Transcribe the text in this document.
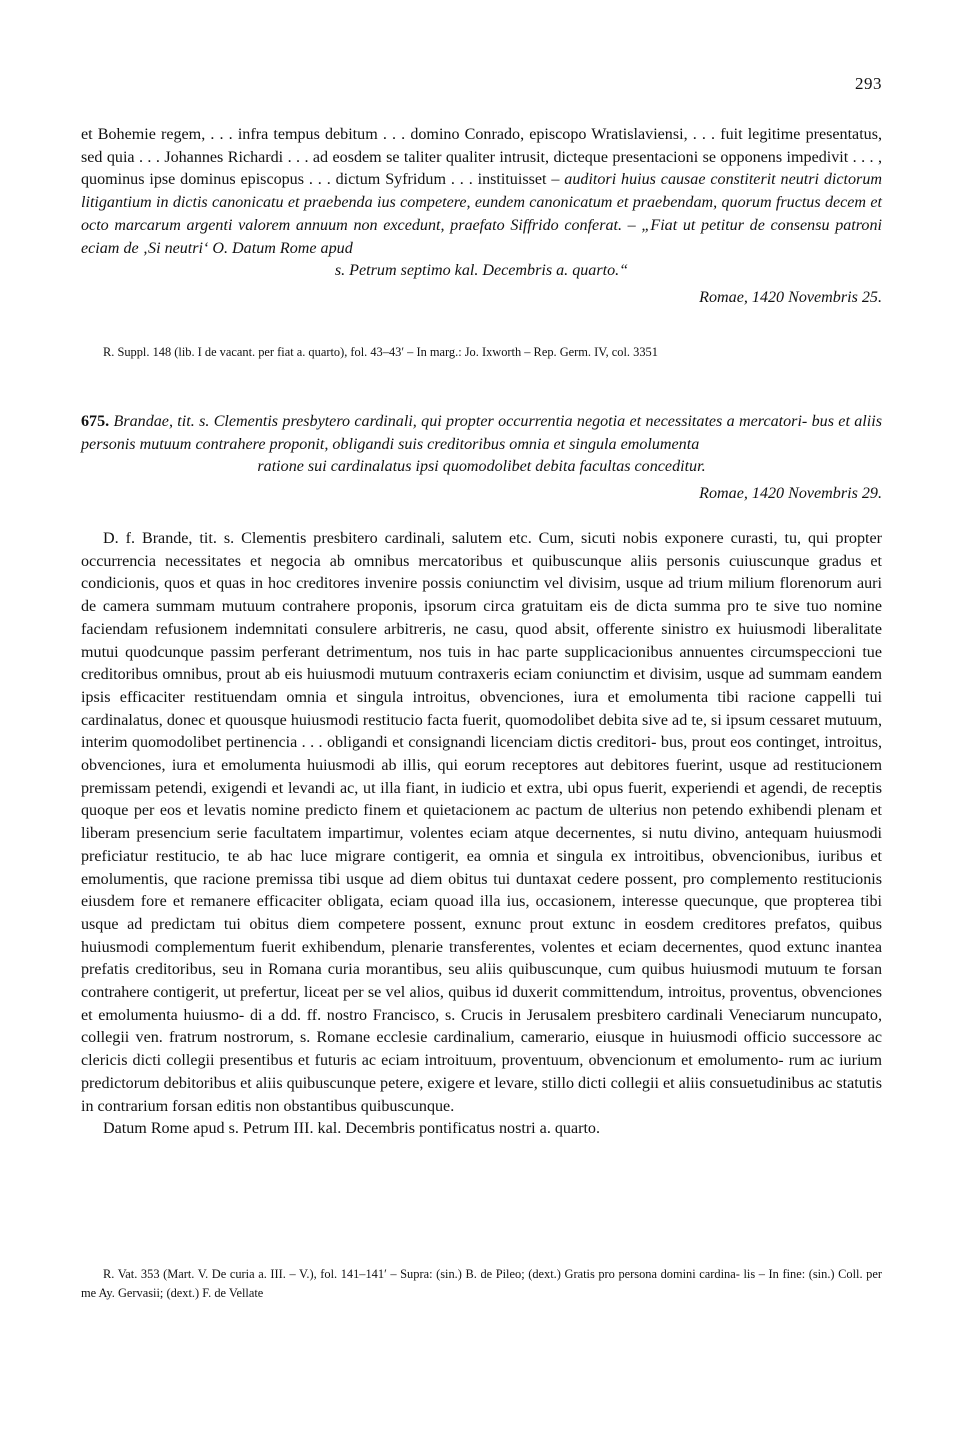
293

et Bohemie regem, . . . infra tempus debitum . . . domino Conrado, episcopo Wratislaviensi, . . . fuit legitime presentatus, sed quia . . . Johannes Richardi . . . ad eosdem se taliter qualiter intrusit, dicteque presentacioni se opponens impedivit . . . , quominus ipse dominus episcopus . . . dictum Syfridum . . . instituisset – auditori huius causae constiterit neutri dictorum litigantium in dictis canonicatu et praebenda ius competere, eundem canonicatum et praebendam, quorum fructus decem et octo marcarum argenti valorem annuum non excedunt, praefato Siffrido conferat. – „Fiat ut petitur de consensu patroni eciam de ‚Si neutri‘ O. Datum Rome apud

s. Petrum septimo kal. Decembris a. quarto.“

Romae, 1420 Novembris 25.

R. Suppl. 148 (lib. I de vacant. per fiat a. quarto), fol. 43–43′ – In marg.: Jo. Ixworth – Rep. Germ. IV, col. 3351

675. Brandae, tit. s. Clementis presbytero cardinali, qui propter occurrentia negotia et necessitates a mercatori- bus et aliis personis mutuum contrahere proponit, obligandi suis creditoribus omnia et singula emolumenta

ratione sui cardinalatus ipsi quomodolibet debita facultas conceditur.

Romae, 1420 Novembris 29.

D. f. Brande, tit. s. Clementis presbitero cardinali, salutem etc. Cum, sicuti nobis exponere curasti, tu, qui propter occurrencia necessitates et negocia ab omnibus mercatoribus et quibuscunque aliis personis cuiuscunque gradus et condicionis, quos et quas in hoc creditores invenire possis coniunctim vel divisim, usque ad trium milium florenorum auri de camera summam mutuum contrahere proponis, ipsorum circa gratuitam eis de dicta summa pro te sive tuo nomine faciendam refusionem indemnitati consulere arbitreris, ne casu, quod absit, offerente sinistro ex huiusmodi liberalitate mutui quodcunque passim perferant detrimentum, nos tuis in hac parte supplicacionibus annuentes circumspeccioni tue creditoribus omnibus, prout ab eis huiusmodi mutuum contraxeris eciam coniunctim et divisim, usque ad summam eandem ipsis efficaciter restituendam omnia et singula introitus, obvenciones, iura et emolumenta tibi racione cappelli tui cardinalatus, donec et quousque huiusmodi restitucio facta fuerit, quomodolibet debita sive ad te, si ipsum cessaret mutuum, interim quomodolibet pertinencia . . . obligandi et consignandi licenciam dictis creditori- bus, prout eos continget, introitus, obvenciones, iura et emolumenta huiusmodi ab illis, qui eorum receptores aut debitores fuerint, usque ad restitucionem premissam petendi, exigendi et levandi ac, ut illa fiant, in iudicio et extra, ubi opus fuerit, experiendi et agendi, de receptis quoque per eos et levatis nomine predicto finem et quietacionem ac pactum de ulterius non petendo exhibendi plenam et liberam presencium serie facultatem impartimur, volentes eciam atque decernentes, si nutu divino, antequam huiusmodi preficiatur restitucio, te ab hac luce migrare contigerit, ea omnia et singula ex introitibus, obvencionibus, iuribus et emolumentis, que racione premissa tibi usque ad diem obitus tui duntaxat cedere possent, pro complemento restitucionis eiusdem fore et remanere efficaciter obligata, eciam quoad illa ius, occasionem, interesse quecunque, que propterea tibi usque ad predictam tui obitus diem competere possent, exnunc prout extunc in eosdem creditores prefatos, quibus huiusmodi complementum fuerit exhibendum, plenarie transferentes, volentes et eciam decernentes, quod extunc inantea prefatis creditoribus, seu in Romana curia morantibus, seu aliis quibuscunque, cum quibus huiusmodi mutuum te forsan contrahere contigerit, ut prefertur, liceat per se vel alios, quibus id duxerit committendum, introitus, proventus, obvenciones et emolumenta huiusmo- di a dd. ff. nostro Francisco, s. Crucis in Jerusalem presbitero cardinali Veneciarum nuncupato, collegii ven. fratrum nostrorum, s. Romane ecclesie cardinalium, camerario, eiusque in huiusmodi officio successore ac clericis dicti collegii presentibus et futuris ac eciam introituum, proventuum, obvencionum et emolumento- rum ac iurium predictorum debitoribus et aliis quibuscunque petere, exigere et levare, stillo dicti collegii et aliis consuetudinibus ac statutis in contrarium forsan editis non obstantibus quibuscunque.

Datum Rome apud s. Petrum III. kal. Decembris pontificatus nostri a. quarto.

R. Vat. 353 (Mart. V. De curia a. III. – V.), fol. 141–141′ – Supra: (sin.) B. de Pileo; (dext.) Gratis pro persona domini cardina- lis – In fine: (sin.) Coll. per me Ay. Gervasii; (dext.) F. de Vellate
